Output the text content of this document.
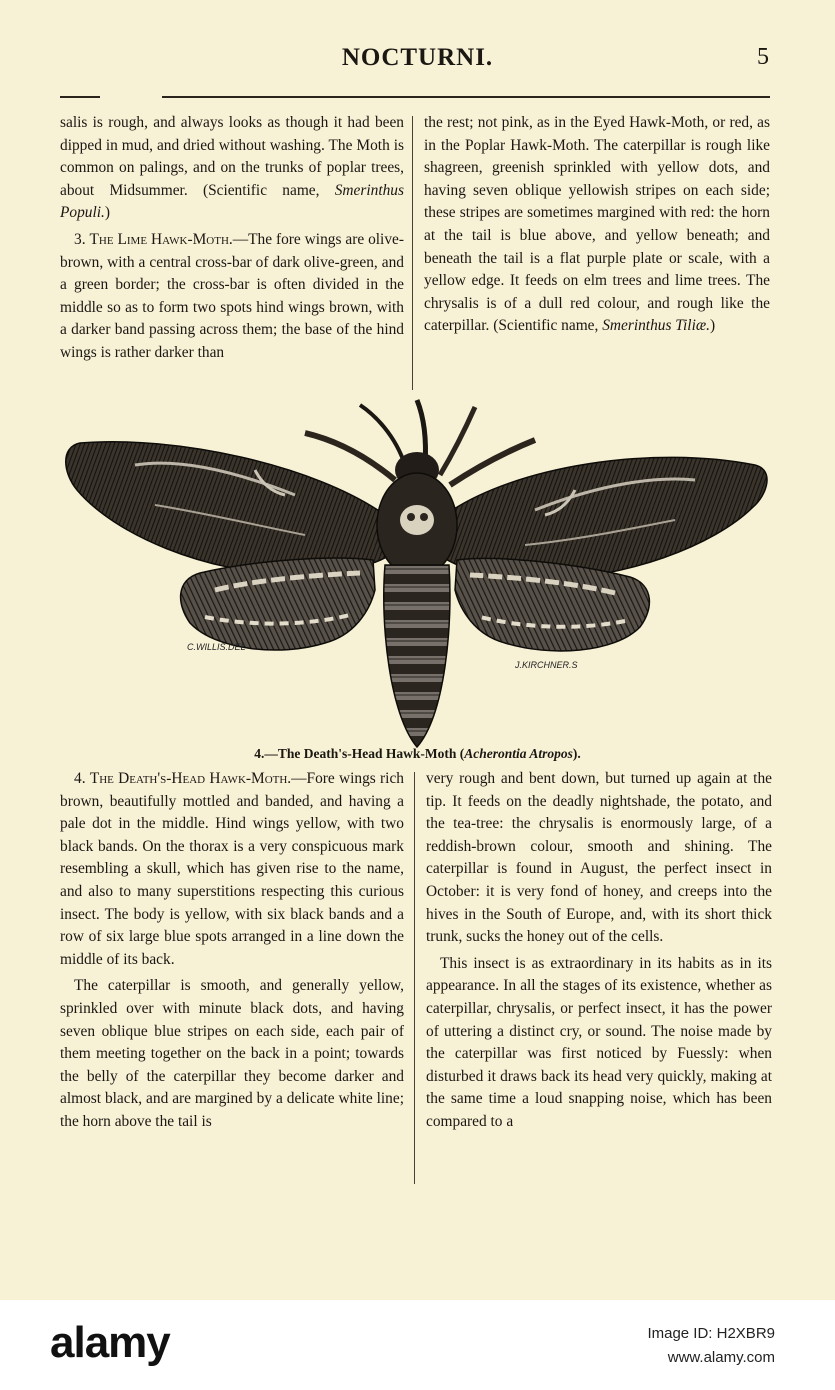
NOCTURNI.	5

salis is rough, and always looks as though it had been dipped in mud, and dried without washing. The Moth is common on palings, and on the trunks of poplar trees, about Midsummer. (Scientific name, Smerinthus Populi.)

3. The Lime Hawk-Moth.—The fore wings are olive-brown, with a central cross-bar of dark olive-green, and a green border; the cross-bar is often divided in the middle so as to form two spots hind wings brown, with a darker band passing across them; the base of the hind wings is rather darker than

the rest; not pink, as in the Eyed Hawk-Moth, or red, as in the Poplar Hawk-Moth. The caterpillar is rough like shagreen, greenish sprinkled with yellow dots, and having seven oblique yellowish stripes on each side; these stripes are sometimes margined with red: the horn at the tail is blue above, and yellow beneath; and beneath the tail is a flat purple plate or scale, with a yellow edge. It feeds on elm trees and lime trees. The chrysalis is of a dull red colour, and rough like the caterpillar. (Scientific name, Smerinthus Tiliæ.)

C.WILLIS.DEL
J.KIRCHNER.S
4.—The Death's-Head Hawk-Moth (Acherontia Atropos).

4. The Death's-Head Hawk-Moth.—Fore wings rich brown, beautifully mottled and banded, and having a pale dot in the middle. Hind wings yellow, with two black bands. On the thorax is a very conspicuous mark resembling a skull, which has given rise to the name, and also to many superstitions respecting this curious insect. The body is yellow, with six black bands and a row of six large blue spots arranged in a line down the middle of its back.

The caterpillar is smooth, and generally yellow, sprinkled over with minute black dots, and having seven oblique blue stripes on each side, each pair of them meeting together on the back in a point; towards the belly of the caterpillar they become darker and almost black, and are margined by a delicate white line; the horn above the tail is

very rough and bent down, but turned up again at the tip. It feeds on the deadly nightshade, the potato, and the tea-tree: the chrysalis is enormously large, of a reddish-brown colour, smooth and shining. The caterpillar is found in August, the perfect insect in October: it is very fond of honey, and creeps into the hives in the South of Europe, and, with its short thick trunk, sucks the honey out of the cells.

This insect is as extraordinary in its habits as in its appearance. In all the stages of its existence, whether as caterpillar, chrysalis, or perfect insect, it has the power of uttering a distinct cry, or sound. The noise made by the caterpillar was first noticed by Fuessly: when disturbed it draws back its head very quickly, making at the same time a loud snapping noise, which has been compared to a

alamy	Image ID: H2XBR9
www.alamy.com
